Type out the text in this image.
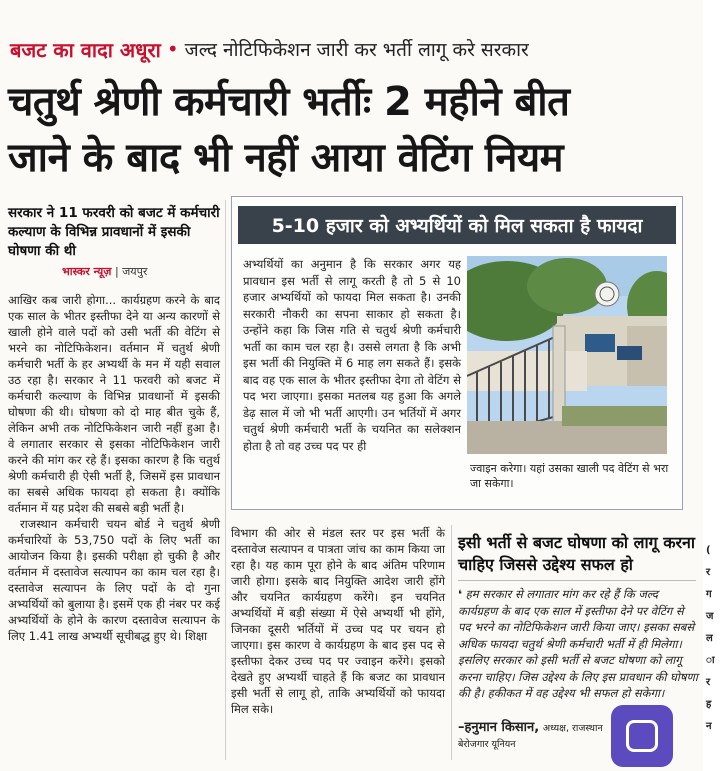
बजट का वादा अधूरा • जल्द नोटिफिकेशन जारी कर भर्ती लागू करे सरकार
चतुर्थ श्रेणी कर्मचारी भर्तीः 2 महीने बीत
जाने के बाद भी नहीं आया वेटिंग नियम
सरकार ने 11 फरवरी को बजट में कर्मचारी कल्याण के विभिन्न प्रावधानों में इसकी घोषणा की थी
भास्कर न्यूज़ | जयपुर

आखिर कब जारी होगा... कार्यग्रहण करने के बाद एक साल के भीतर इस्तीफा देने या अन्य कारणों से खाली होने वाले पदों को उसी भर्ती की वेटिंग से भरने का नोटिफिकेशन। वर्तमान में चतुर्थ श्रेणी कर्मचारी भर्ती के हर अभ्यर्थी के मन में यही सवाल उठ रहा है। सरकार ने 11 फरवरी को बजट में कर्मचारी कल्याण के विभिन्न प्रावधानों में इसकी घोषणा की थी। घोषणा को दो माह बीत चुके हैं, लेकिन अभी तक नोटिफिकेशन जारी नहीं हुआ है। वे लगातार सरकार से इसका नोटिफिकेशन जारी करने की मांग कर रहे हैं। इसका कारण है कि चतुर्थ श्रेणी कर्मचारी ही ऐसी भर्ती है, जिसमें इस प्रावधान का सबसे अधिक फायदा हो सकता है। क्योंकि वर्तमान में यह प्रदेश की सबसे बड़ी भर्ती है।

राजस्थान कर्मचारी चयन बोर्ड ने चतुर्थ श्रेणी कर्मचारियों के 53,750 पदों के लिए भर्ती का आयोजन किया है। इसकी परीक्षा हो चुकी है और वर्तमान में दस्तावेज सत्यापन का काम चल रहा है। दस्तावेज सत्यापन के लिए पदों के दो गुना अभ्यर्थियों को बुलाया है। इसमें एक ही नंबर पर कई अभ्यर्थियों के होने के कारण दस्तावेज सत्यापन के लिए 1.41 लाख अभ्यर्थी सूचीबद्ध हुए थे। शिक्षा

5-10 हजार को अभ्यर्थियों को मिल सकता है फायदा
अभ्यर्थियों का अनुमान है कि सरकार अगर यह प्रावधान इस भर्ती से लागू करती है तो 5 से 10 हजार अभ्यर्थियों को फायदा मिल सकता है। उनकी सरकारी नौकरी का सपना साकार हो सकता है। उन्होंने कहा कि जिस गति से चतुर्थ श्रेणी कर्मचारी भर्ती का काम चल रहा है। उससे लगता है कि अभी इस भर्ती की नियुक्ति में 6 माह लग सकते हैं। इसके बाद वह एक साल के भीतर इस्तीफा देगा तो वेटिंग से पद भरा जाएगा। इसका मतलब यह हुआ कि अगले डेढ़ साल में जो भी भर्ती आएगी। उन भर्तियों में अगर चतुर्थ श्रेणी कर्मचारी भर्ती के चयनित का सलेक्शन होता है तो वह उच्च पद पर ही
ज्वाइन करेगा। यहां उसका खाली पद वेटिंग से भरा जा सकेगा।
विभाग की ओर से मंडल स्तर पर इस भर्ती के दस्तावेज सत्यापन व पात्रता जांच का काम किया जा रहा है। यह काम पूरा होने के बाद अंतिम परिणाम जारी होगा। इसके बाद नियुक्ति आदेश जारी होंगे और चयनित कार्यग्रहण करेंगे। इन चयनित अभ्यर्थियों में बड़ी संख्या में ऐसे अभ्यर्थी भी होंगे, जिनका दूसरी भर्तियों में उच्च पद पर चयन हो जाएगा। इस कारण वे कार्यग्रहण के बाद इस पद से इस्तीफा देकर उच्च पद पर ज्वाइन करेंगे। इसको देखते हुए अभ्यर्थी चाहते हैं कि बजट का प्रावधान इसी भर्ती से लागू हो, ताकि अभ्यर्थियों को फायदा मिल सके।
इसी भर्ती से बजट घोषणा को लागू करना चाहिए जिससे उद्देश्य सफल हो
❛ हम सरकार से लगातार मांग कर रहे हैं कि जल्द कार्यग्रहण के बाद एक साल में इस्तीफा देने पर वेटिंग से पद भरने का नोटिफिकेशन जारी किया जाए। इसका सबसे अधिक फायदा चतुर्थ श्रेणी कर्मचारी भर्ती में ही मिलेगा। इसलिए सरकार को इसी भर्ती से बजट घोषणा को लागू करना चाहिए। जिस उद्देश्य के लिए इस प्रावधान की घोषणा की है। हकीकत में वह उद्देश्य भी सफल हो सकेगा।
–हनुमान किसान, अध्यक्ष, राजस्थान
बेरोजगार यूनियन
(
र
ग
ज
ल
ा
र
ह
न
